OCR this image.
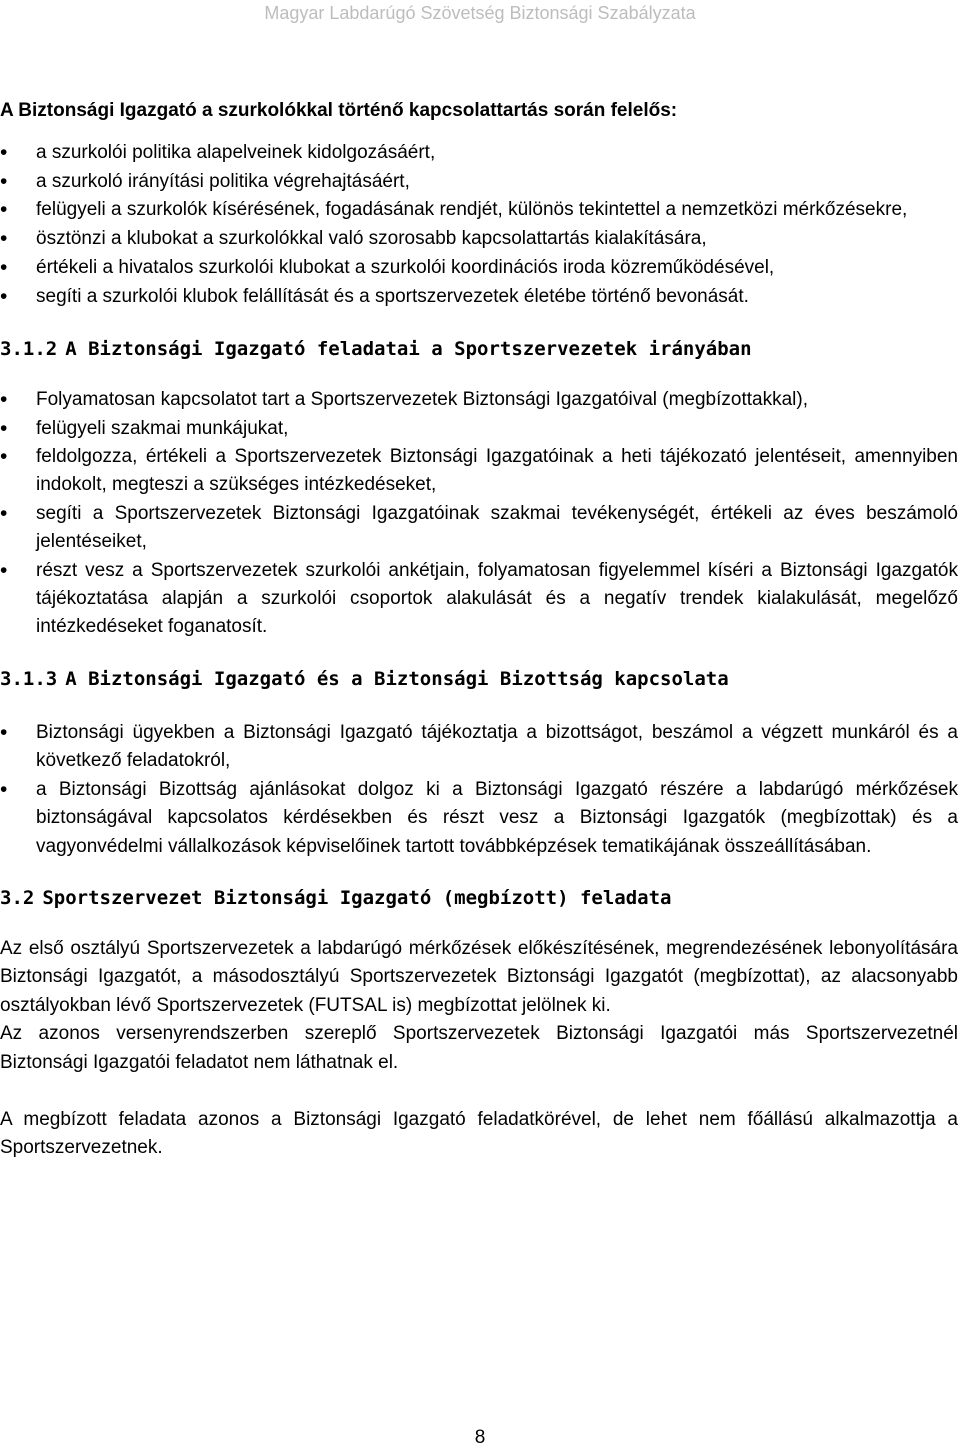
Magyar Labdarúgó Szövetség Biztonsági Szabályzata

A Biztonsági Igazgató a szurkolókkal történő kapcsolattartás során felelős:

• a szurkolói politika alapelveinek kidolgozásáért,
• a szurkoló irányítási politika végrehajtásáért,
• felügyeli a szurkolók kísérésének, fogadásának rendjét, különös tekintettel a nemzetközi mérkőzésekre,
• ösztönzi a klubokat a szurkolókkal való szorosabb kapcsolattartás kialakítására,
• értékeli a hivatalos szurkolói klubokat a szurkolói koordinációs iroda közreműködésével,
• segíti a szurkolói klubok felállítását és a sportszervezetek életébe történő bevonását.
3.1.2 A Biztonsági Igazgató feladatai a Sportszervezetek irányában
• Folyamatosan kapcsolatot tart a Sportszervezetek Biztonsági Igazgatóival (megbízottakkal),
• felügyeli szakmai munkájukat,
• feldolgozza, értékeli a Sportszervezetek Biztonsági Igazgatóinak a heti tájékozató jelentéseit, amennyiben indokolt, megteszi a szükséges intézkedéseket,
• segíti a Sportszervezetek Biztonsági Igazgatóinak szakmai tevékenységét, értékeli az éves beszámoló jelentéseiket,
• részt vesz a Sportszervezetek szurkolói ankétjain, folyamatosan figyelemmel kíséri a Biztonsági Igazgatók tájékoztatása alapján a szurkolói csoportok alakulását és a negatív trendek kialakulását, megelőző intézkedéseket foganatosít.
3.1.3 A Biztonsági Igazgató és a Biztonsági Bizottság kapcsolata
• Biztonsági ügyekben a Biztonsági Igazgató tájékoztatja a bizottságot, beszámol a végzett munkáról és a következő feladatokról,
• a Biztonsági Bizottság ajánlásokat dolgoz ki a Biztonsági Igazgató részére a labdarúgó mérkőzések biztonságával kapcsolatos kérdésekben és részt vesz a Biztonsági Igazgatók (megbízottak) és a vagyonvédelmi vállalkozások képviselőinek tartott továbbképzések tematikájának összeállításában.
3.2 Sportszervezet Biztonsági Igazgató (megbízott) feladata

Az első osztályú Sportszervezetek a labdarúgó mérkőzések előkészítésének, megrendezésének lebonyolítására Biztonsági Igazgatót, a másodosztályú Sportszervezetek Biztonsági Igazgatót (megbízottat), az alacsonyabb osztályokban lévő Sportszervezetek (FUTSAL is) megbízottat jelölnek ki.

Az azonos versenyrendszerben szereplő Sportszervezetek Biztonsági Igazgatói más Sportszervezetnél Biztonsági Igazgatói feladatot nem láthatnak el.

A megbízott feladata azonos a Biztonsági Igazgató feladatkörével, de lehet nem főállású alkalmazottja a Sportszervezetnek.

8
